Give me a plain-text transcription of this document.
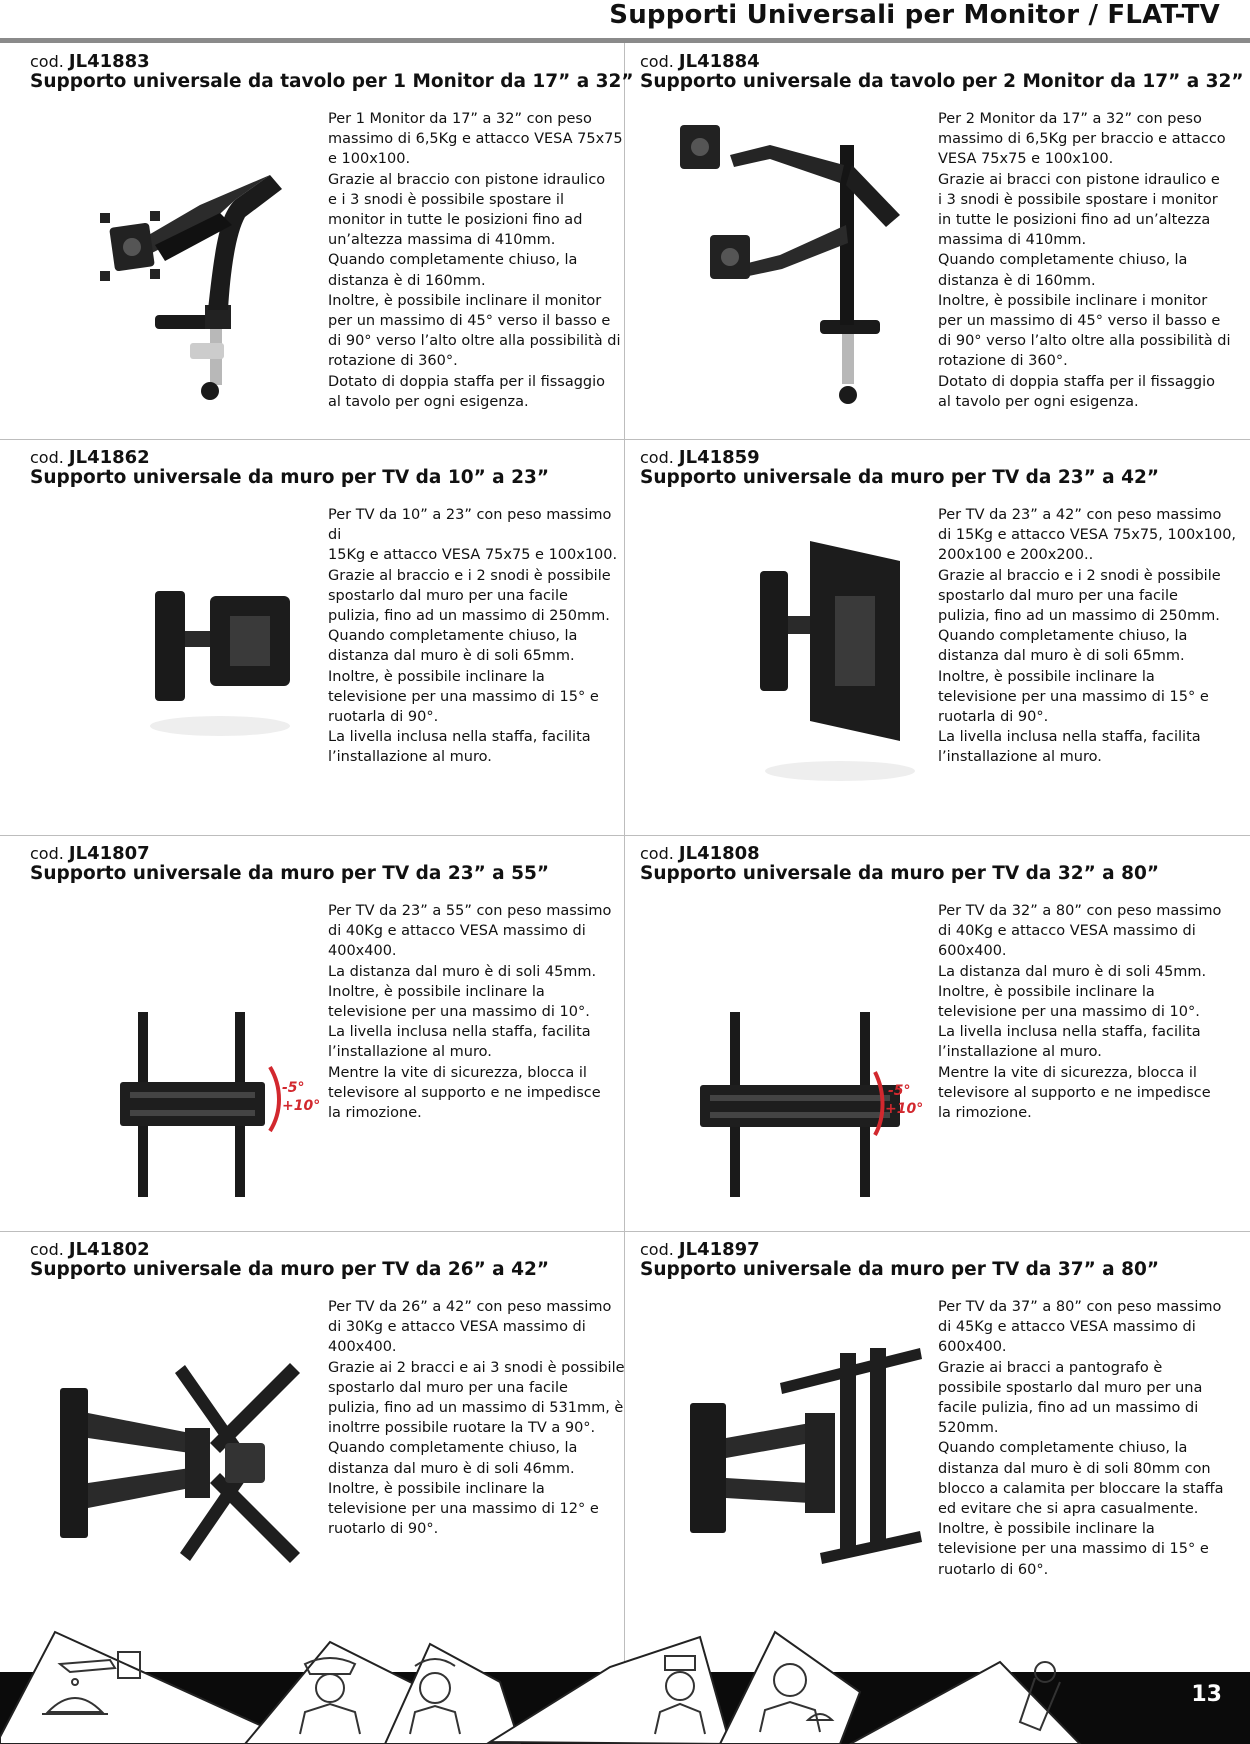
Supporti Universali per Monitor / FLAT-TV
cod. JL41883
Supporto universale da tavolo per 1 Monitor da 17” a 32”
Per 1 Monitor da 17” a 32” con peso
massimo di 6,5Kg e attacco VESA 75x75
e 100x100.
Grazie al braccio con pistone idraulico
e i 3 snodi è possibile spostare il
monitor in tutte le posizioni fino ad
un’altezza massima di 410mm.
Quando completamente chiuso, la
distanza è di 160mm.
Inoltre, è possibile inclinare il monitor
per un massimo di 45° verso il basso e
di 90° verso l’alto oltre alla possibilità di
rotazione di 360°.
Dotato di doppia staffa per il fissaggio
al tavolo per ogni esigenza.
cod. JL41884
Supporto universale da tavolo per 2 Monitor da 17” a 32”
Per 2 Monitor da 17” a 32” con peso
massimo di 6,5Kg per braccio e attacco
VESA 75x75 e 100x100.
Grazie ai bracci con pistone idraulico e
i 3 snodi è possibile spostare i monitor
in tutte le posizioni fino ad un’altezza
massima di 410mm.
Quando completamente chiuso, la
distanza è di 160mm.
Inoltre, è possibile inclinare i monitor
per un massimo di 45° verso il basso e
di 90° verso l’alto oltre alla possibilità di
rotazione di 360°.
Dotato di doppia staffa per il fissaggio
al tavolo per ogni esigenza.
cod. JL41862
Supporto universale da muro per TV da 10” a 23”
Per TV da 10” a 23” con peso massimo di
15Kg e attacco VESA 75x75 e 100x100.
Grazie al braccio e i 2 snodi è possibile
spostarlo dal muro per una facile
pulizia, fino ad un massimo di 250mm.
Quando completamente chiuso, la
distanza dal muro è di soli 65mm.
Inoltre, è possibile inclinare la
televisione per una massimo di 15° e
ruotarla di 90°.
La livella inclusa nella staffa, facilita
l’installazione al muro.
cod. JL41859
Supporto universale da muro per TV da 23” a 42”
Per TV da 23” a 42” con peso massimo
di 15Kg e attacco VESA 75x75, 100x100,
200x100 e 200x200..
Grazie al braccio e i 2 snodi è possibile
spostarlo dal muro per una facile
pulizia, fino ad un massimo di 250mm.
Quando completamente chiuso, la
distanza dal muro è di soli 65mm.
Inoltre, è possibile inclinare la
televisione per una massimo di 15° e
ruotarla di 90°.
La livella inclusa nella staffa, facilita
l’installazione al muro.
cod. JL41807
Supporto universale da muro per TV da 23” a 55”
-5°
+10°
Per TV da 23” a 55” con peso massimo
di 40Kg e attacco VESA massimo di
400x400.
La distanza dal muro è di soli 45mm.
Inoltre, è possibile inclinare la
televisione per una massimo di 10°.
La livella inclusa nella staffa, facilita
l’installazione al muro.
Mentre la vite di sicurezza, blocca il
televisore al supporto e ne impedisce
la rimozione.
cod. JL41808
Supporto universale da muro per TV da 32” a 80”
-5°
+10°
Per TV da 32” a 80” con peso massimo
di 40Kg e attacco VESA massimo di
600x400.
La distanza dal muro è di soli 45mm.
Inoltre, è possibile inclinare la
televisione per una massimo di 10°.
La livella inclusa nella staffa, facilita
l’installazione al muro.
Mentre la vite di sicurezza, blocca il
televisore al supporto e ne impedisce
la rimozione.
cod. JL41802
Supporto universale da muro per TV da 26” a 42”
Per TV da 26” a 42” con peso massimo
di 30Kg e attacco VESA massimo di
400x400.
Grazie ai 2 bracci e ai 3 snodi è possibile
spostarlo dal muro per una facile
pulizia, fino ad un massimo di 531mm, è
inoltrre possibile ruotare la TV a 90°.
Quando completamente chiuso, la
distanza dal muro è di soli 46mm.
Inoltre, è possibile inclinare la
televisione per una massimo di 12° e
ruotarlo di 90°.
cod. JL41897
Supporto universale da muro per TV da 37” a 80”
Per TV da 37” a 80” con peso massimo
di 45Kg e attacco VESA massimo di
600x400.
Grazie ai bracci a pantografo è
possibile spostarlo dal muro per una
facile pulizia, fino ad un massimo di
520mm.
Quando completamente chiuso, la
distanza dal muro è di soli 80mm con
blocco a calamita per bloccare la staffa
ed evitare che si apra casualmente.
Inoltre, è possibile inclinare la
televisione per una massimo di 15° e
ruotarlo di 60°.
13
